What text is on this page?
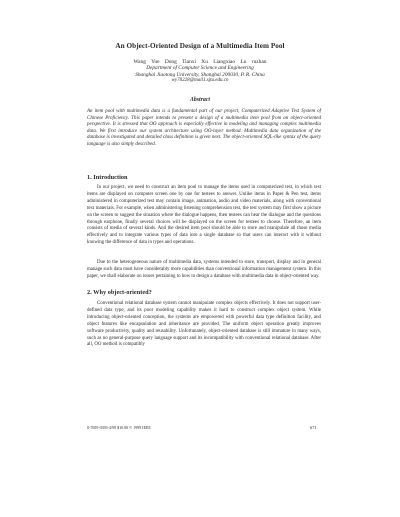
An Object-Oriented Design of a Multimedia Item Pool
Wang Yue Dong Tianxi Xu Liangxiao Lu ruzhan
Department of Computer Science and Engineering
Shanghai Jiaotong University, Shanghai 200030, P. R. China
wy70228@mail1.sjtu.edu.cn
Abstract
An item pool with multimedia data is a fundamental part of our project, Computerized Adaptive Test System of Chinese Proficiency. This paper intends to present a design of a multimedia item pool from an object-oriented perspective. It is stressed that OO approach is especially effective in modeling and managing complex multimedia data. We first introduce our system architecture using OO-layer method. Multimedia data organization of the database is investigated and detailed class definition is given next. The object-oriented SQL-like syntax of the query language is also simply described.
1. Introduction
In our project, we need to construct an item pool to manage the items used in computerized test, in which test items are displayed on computer screen one by one for testees to answer. Unlike items in Paper & Pen test, items administered in computerized test may contain image, animation, audio and video materials, along with conventional text materials. For example, when administering listening comprehension test, the test system may first show a picture on the screen to suggest the situation where the dialogue happens, then testees can hear the dialogue and the questions through earphone, finally several choices will be displayed on the screen for testees to choose. Therefore, an item consists of media of several kinds. And the desired item pool should be able to store and manipulate all those media effectively and to integrate various types of data into a single database so that users can interact with it without knowing the difference of data in types and operations.
Due to the heterogeneous nature of multimedia data, systems intended to store, transport, display and in general manage such data must have considerably more capabilities than conventional information management system. In this paper, we shall elaborate on issues pertaining to how to design a database with multimedia data in object-oriented way.
2. Why object-oriented?
Conventional relational database system cannot manipulate complex objects effectively. It does not support user-defined data type, and its poor modeling capability makes it hard to construct complex object system. While introducing object-oriented conception, the systems are empowered with powerful data type definition facility, and object features like encapsulation and inheritance are provided. The uniform object operation greatly improves software productivity, quality and reusability. Unfortunately, object-oriented database is still immature in many ways, such as no general-purpose query language support and its incompatibility with conventional relational database. After all, OO method is compatibly
0-7695-0393-4/99 $10.00 © 1999 IEEE	671
